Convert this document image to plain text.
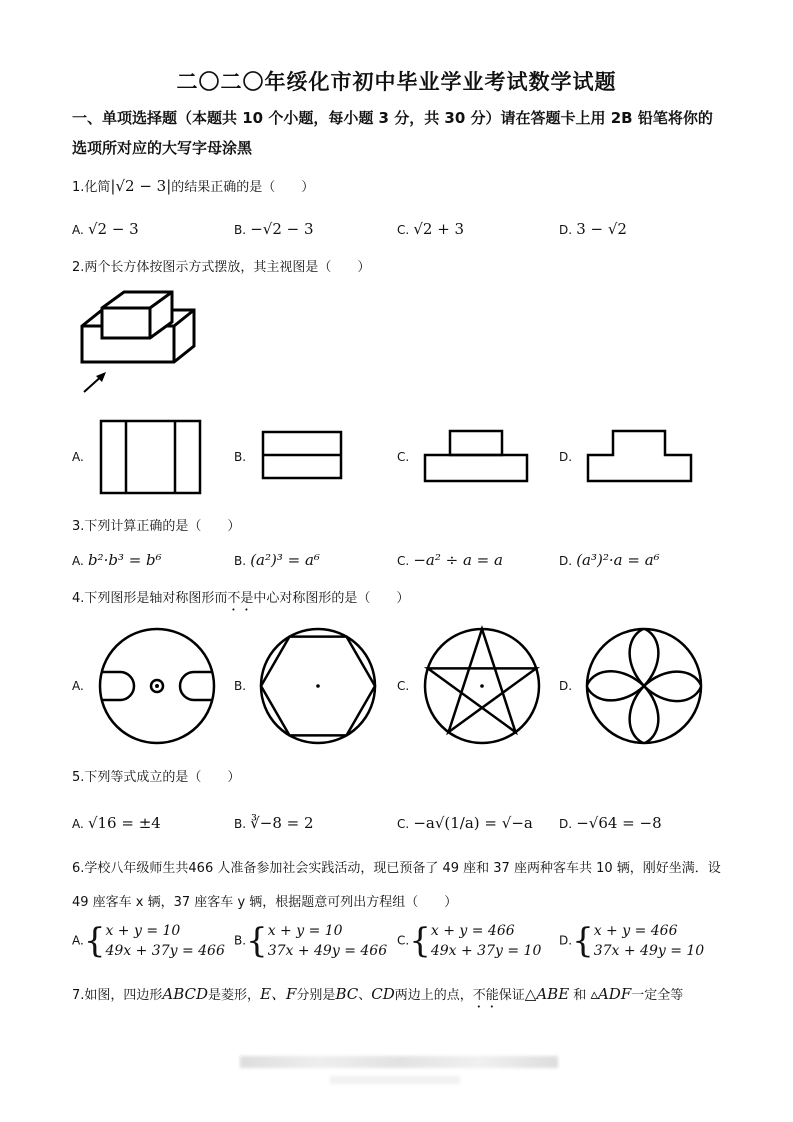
二〇二〇年绥化市初中毕业学业考试数学试题
一、单项选择题（本题共 10 个小题，每小题 3 分，共 30 分）请在答题卡上用 2B 铅笔将你的
选项所对应的大写字母涂黑
1.化简|√2 − 3|的结果正确的是（　　）
A. √2 − 3	B. −√2 − 3	C. √2 + 3	D. 3 − √2
2.两个长方体按图示方式摆放，其主视图是（　　）
A.	B.	C.	D.
3.下列计算正确的是（　　）
A. b²·b³ = b⁶	B. (a²)³ = a⁶	C. −a² ÷ a = a	D. (a³)²·a = a⁶
4.下列图形是轴对称图形而不是中心对称图形的是（　　）
A.	B.	C.	D.
5.下列等式成立的是（　　）
A. √16 = ±4	B. ∛−8 = 2	C. −a√(1/a) = √−a D. −√64 = −8
6.学校八年级师生共466 人准备参加社会实践活动，现已预备了 49 座和 37 座两种客车共 10 辆，刚好坐满．设
49 座客车 x 辆，37 座客车 y 辆，根据题意可列出方程组（　　）
A.{x + y = 10
49x + 37y = 466
B.{x + y = 10
37x + 49y = 466
C.{x + y = 466
49x + 37y = 10
D.{x + y = 466
37x + 49y = 10
7.如图，四边形ABCD是菱形，E、F分别是BC、CD两边上的点，不能保证△ABE 和 ▵ADF一定全等
